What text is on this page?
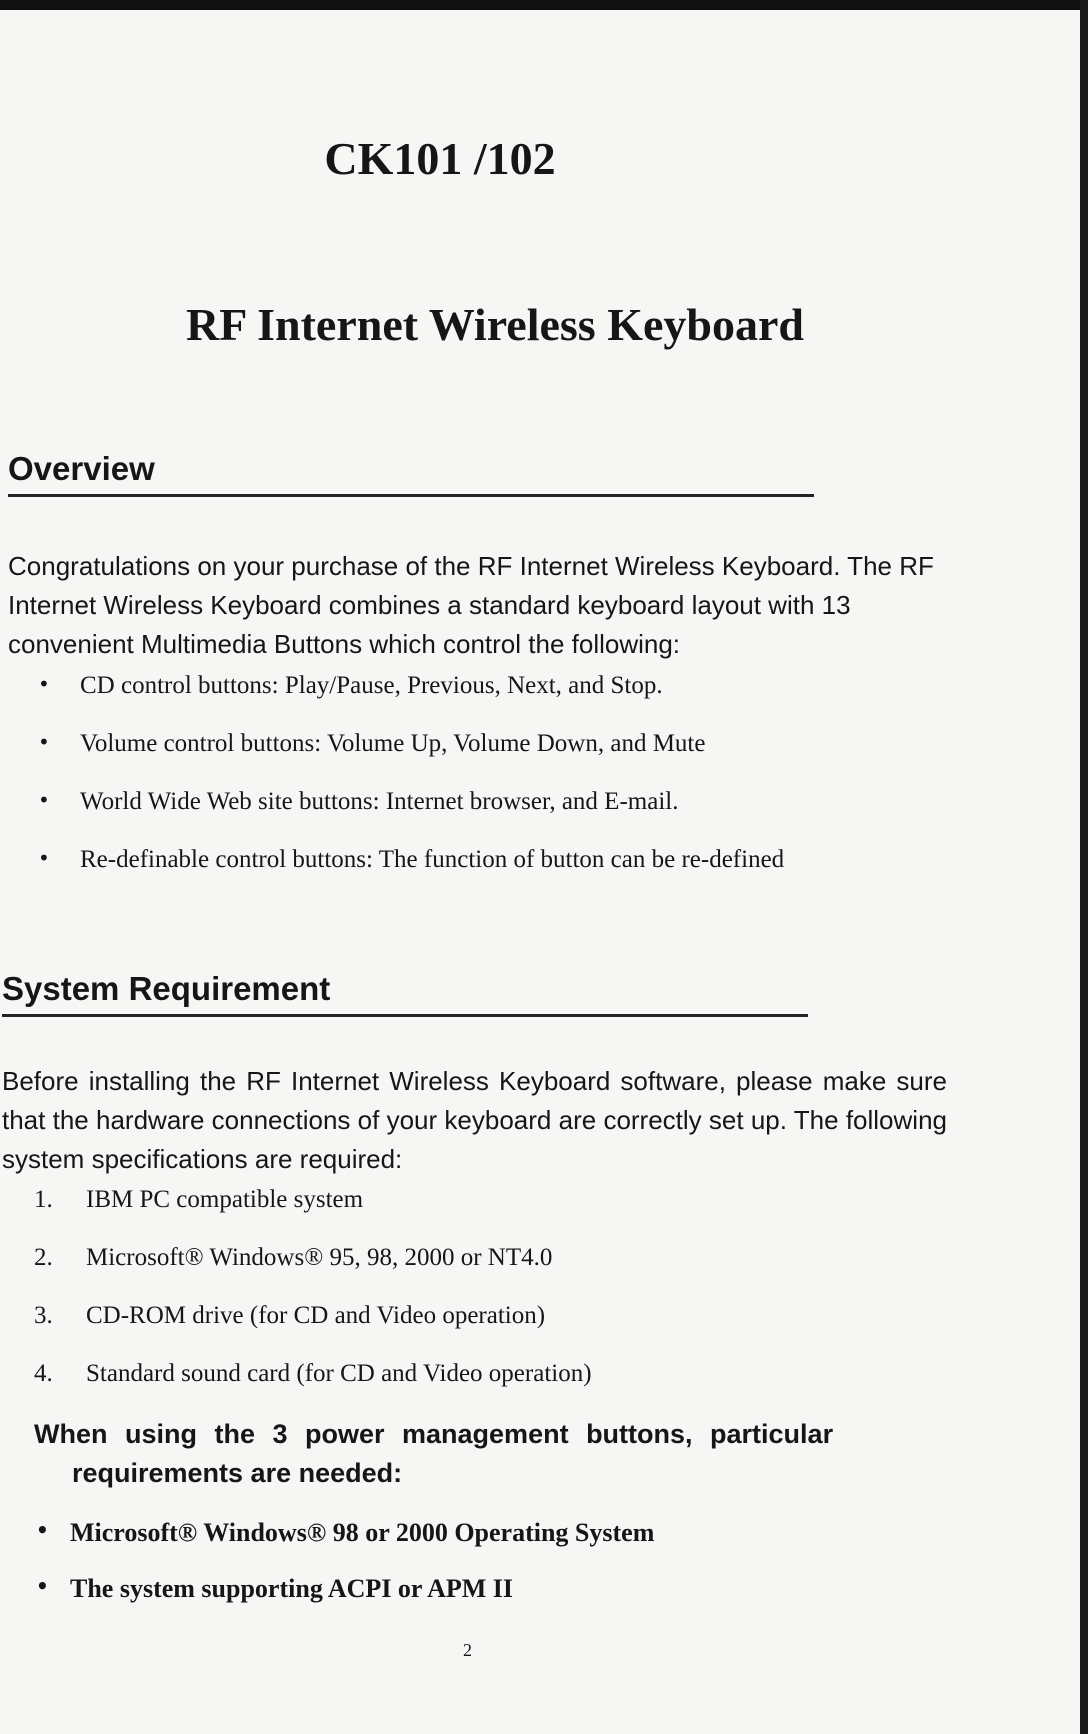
CK101 /102
RF Internet Wireless Keyboard
Overview

Congratulations on your purchase of the RF Internet Wireless Keyboard. The RF Internet Wireless Keyboard combines a standard keyboard layout with 13 convenient Multimedia Buttons which control the following:

• CD control buttons: Play/Pause, Previous, Next, and Stop.
• Volume control buttons: Volume Up, Volume Down, and Mute
• World Wide Web site buttons: Internet browser, and E-mail.
• Re-definable control buttons: The function of button can be re-defined
System Requirement

Before installing the RF Internet Wireless Keyboard software, please make sure that the hardware connections of your keyboard are correctly set up. The following system specifications are required:

1. IBM PC compatible system
2. Microsoft® Windows® 95, 98, 2000 or NT4.0
3. CD-ROM drive (for CD and Video operation)
4. Standard sound card (for CD and Video operation)

When using the 3 power management buttons, particular
requirements are needed:

• Microsoft® Windows® 98 or 2000 Operating System
• The system supporting ACPI or APM II

2
